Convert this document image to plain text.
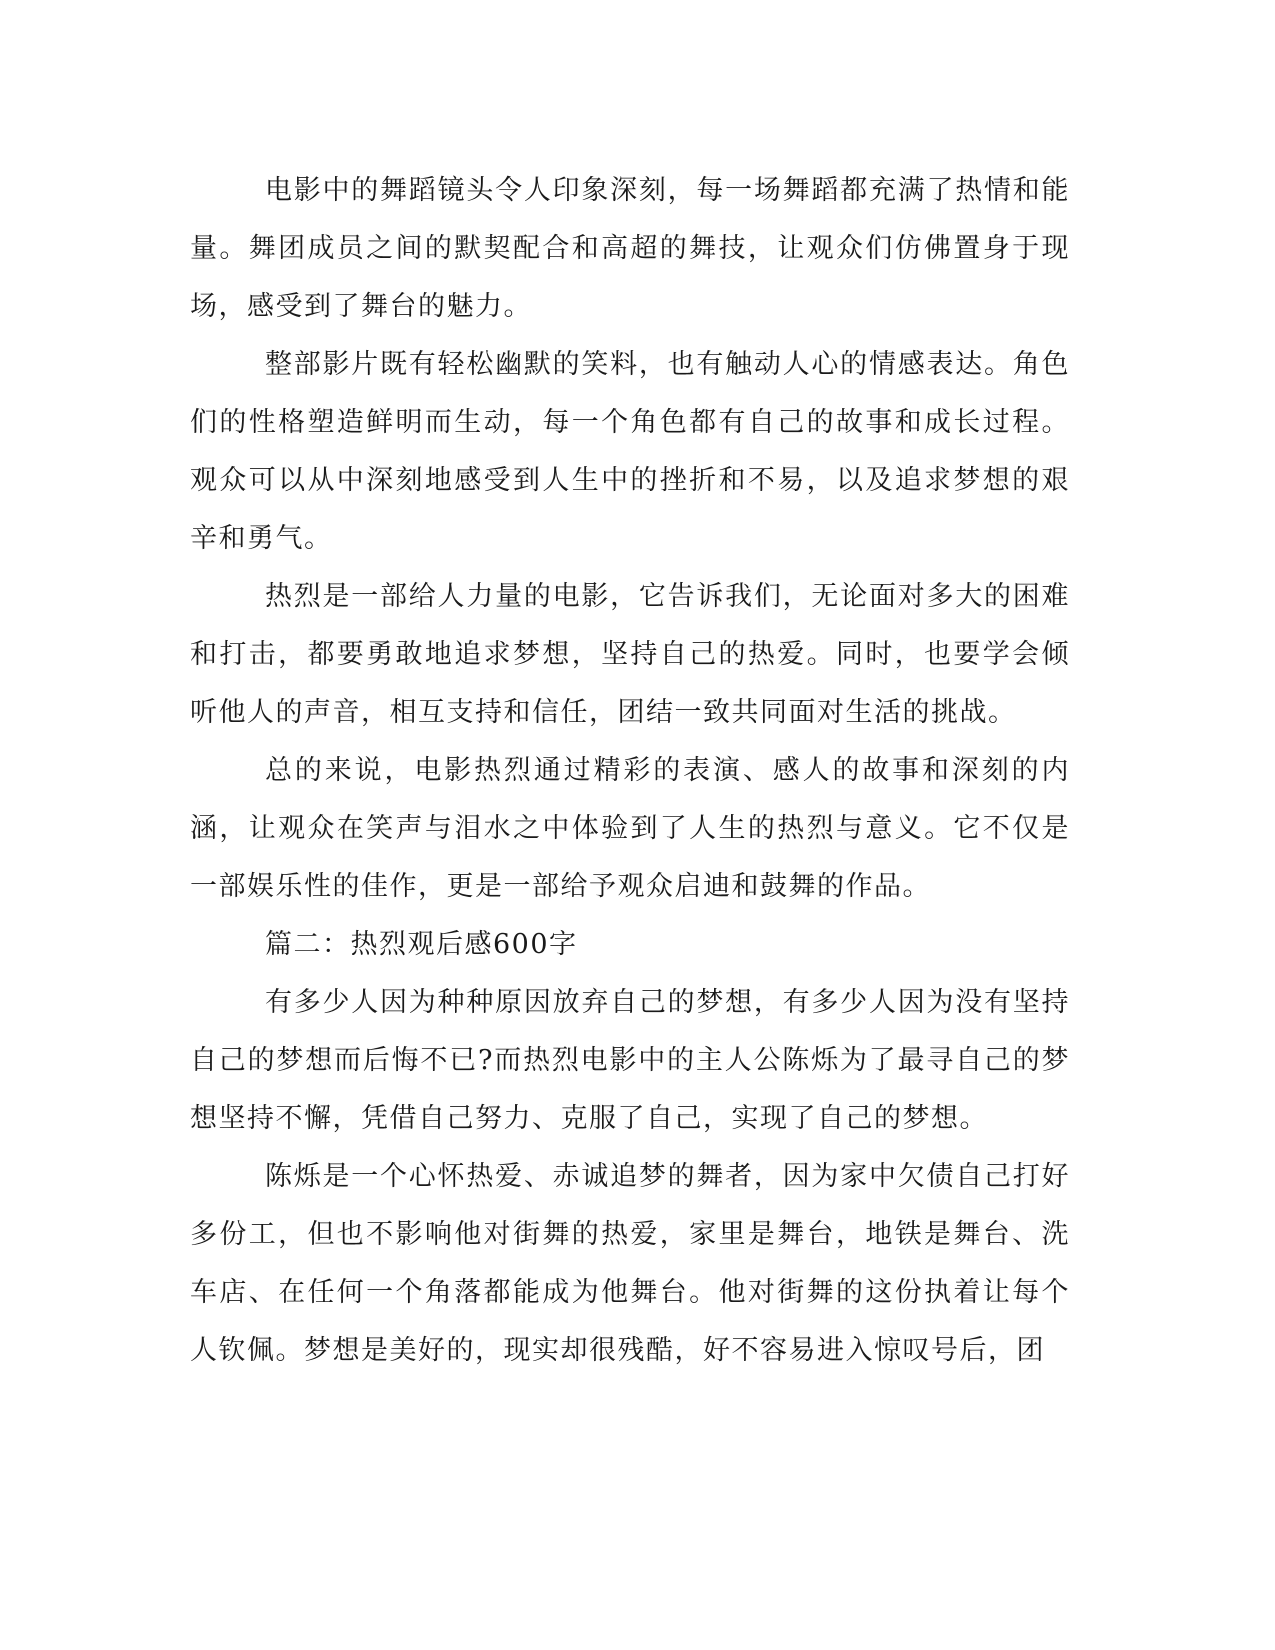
电影中的舞蹈镜头令人印象深刻，每一场舞蹈都充满了热情和能量。舞团成员之间的默契配合和高超的舞技，让观众们仿佛置身于现场，感受到了舞台的魅力。

整部影片既有轻松幽默的笑料，也有触动人心的情感表达。角色们的性格塑造鲜明而生动，每一个角色都有自己的故事和成长过程。观众可以从中深刻地感受到人生中的挫折和不易，以及追求梦想的艰辛和勇气。

热烈是一部给人力量的电影，它告诉我们，无论面对多大的困难和打击，都要勇敢地追求梦想，坚持自己的热爱。同时，也要学会倾听他人的声音，相互支持和信任，团结一致共同面对生活的挑战。

总的来说，电影热烈通过精彩的表演、感人的故事和深刻的内涵，让观众在笑声与泪水之中体验到了人生的热烈与意义。它不仅是一部娱乐性的佳作，更是一部给予观众启迪和鼓舞的作品。

篇二：热烈观后感600字

有多少人因为种种原因放弃自己的梦想，有多少人因为没有坚持自己的梦想而后悔不已?而热烈电影中的主人公陈烁为了最寻自己的梦想坚持不懈，凭借自己努力、克服了自己，实现了自己的梦想。

陈烁是一个心怀热爱、赤诚追梦的舞者，因为家中欠债自己打好多份工，但也不影响他对街舞的热爱，家里是舞台，地铁是舞台、洗车店、在任何一个角落都能成为他舞台。他对街舞的这份执着让每个人钦佩。梦想是美好的，现实却很残酷，好不容易进入惊叹号后，团
